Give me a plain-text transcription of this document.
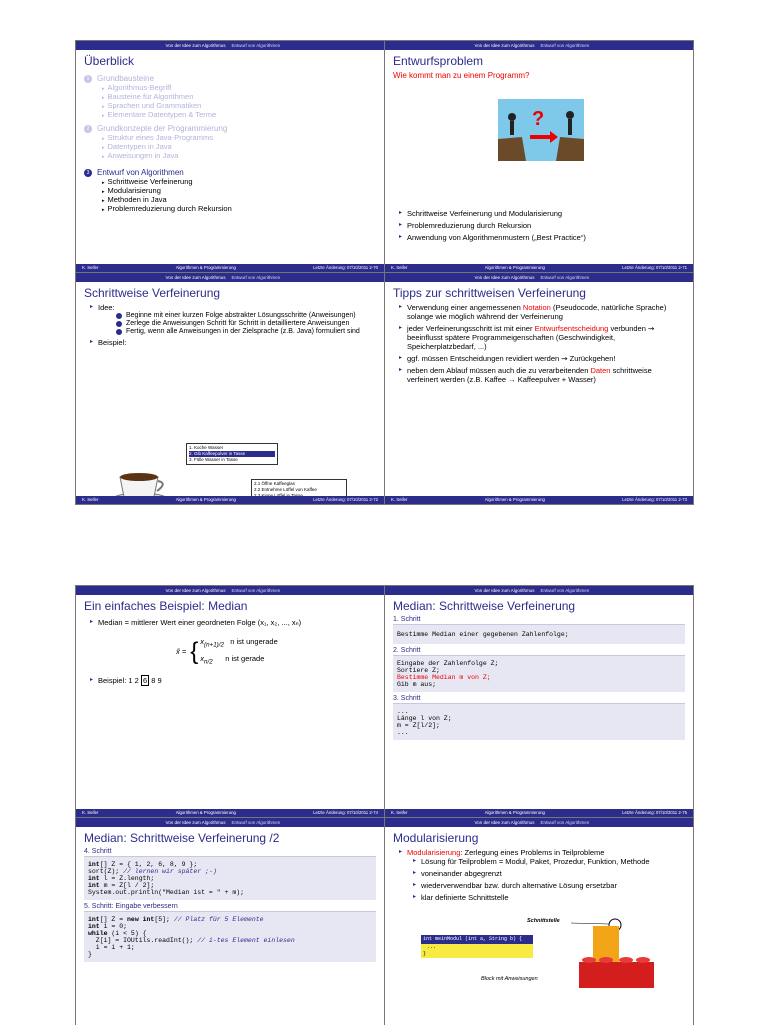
Von der Idee zum Algorithmus	Entwurf von Algorithmen
Überblick
1 Grundbausteine
▸ Algorithmus-Begriff
▸ Bausteine für Algorithmen
▸ Sprachen und Grammatiken
▸ Elementare Datentypen & Terme
2 Grundkonzepte der Programmierung
▸ Struktur eines Java-Programms
▸ Datentypen in Java
▸ Anweisungen in Java
3 Entwurf von Algorithmen
▸ Schrittweise Verfeinerung
▸ Modularisierung
▸ Methoden in Java
▸ Problemreduzierung durch Rekursion
K. Seifer	Algorithmen & Programmierung	Letzte Änderung: 07/10/2011 2-70
Von der Idee zum Algorithmus	Entwurf von Algorithmen
Entwurfsproblem
Wie kommt man zu einem Programm?
?
▸ Schrittweise Verfeinerung und Modularisierung
▸ Problemreduzierung durch Rekursion
▸ Anwendung von Algorithmenmustern („Best Practice“)
K. Seifer	Algorithmen & Programmierung	Letzte Änderung: 07/10/2011 2-71
Von der Idee zum Algorithmus	Entwurf von Algorithmen
Schrittweise Verfeinerung
▸ Idee:
Beginne mit einer kurzen Folge abstrakter Lösungsschritte (Anweisungen)
Zerlege die Anweisungen Schritt für Schritt in detailliertere Anweisungen
Fertig, wenn alle Anweisungen in der Zielsprache (z.B. Java) formuliert sind
▸ Beispiel:
1. Koche Wasser
2. Gib Kaffeepulver in Tasse
3. Fülle Wasser in Tasse
2.1 Öffne Kaffeeglas
2.2 Entnehme Löffel von Kaffee
K. Seifer	Algorithmen & Programmierung	Letzte Änderung: 07/10/2011 2-72
Von der Idee zum Algorithmus	Entwurf von Algorithmen
Tipps zur schrittweisen Verfeinerung
▸ Verwendung einer angemessenen Notation (Pseudocode, natürliche Sprache) solange wie möglich während der Verfeinerung
▸ jeder Verfeinerungsschritt ist mit einer Entwurfsentscheidung verbunden ⇝ beeinflusst spätere Programmeigenschaften (Geschwindigkeit, Speicherplatzbedarf, ...)
▸ ggf. müssen Entscheidungen revidiert werden ⇝ Zurückgehen!
▸ neben dem Ablauf müssen auch die zu verarbeitenden Daten schrittweise verfeinert werden (z.B. Kaffee → Kaffeepulver + Wasser)
K. Seifer	Algorithmen & Programmierung	Letzte Änderung: 07/10/2011 2-73
Von der Idee zum Algorithmus	Entwurf von Algorithmen
Ein einfaches Beispiel: Median
▸ Median = mittlerer Wert einer geordneten Folge (x₁, x₂, ..., xₙ)
x̃ = { $x_{(n+1)/2}$ n ist ungerade
$x_{n/2}$ n ist gerade
▸ Beispiel: 1 2 6 8 9
K. Seifer	Algorithmen & Programmierung	Letzte Änderung: 07/10/2011 2-74
Von der Idee zum Algorithmus	Entwurf von Algorithmen
Median: Schrittweise Verfeinerung
1. Schritt
Bestimme Median einer gegebenen Zahlenfolge;
2. Schritt
Eingabe der Zahlenfolge Z;
Sortiere Z;
Bestimme Median m von Z;
Gib m aus;
3. Schritt
...
Länge l von Z;
m = Z[l/2];
...
K. Seifer	Algorithmen & Programmierung	Letzte Änderung: 07/10/2011 2-75
Von der Idee zum Algorithmus	Entwurf von Algorithmen
Median: Schrittweise Verfeinerung /2
4. Schritt
int[] Z = { 1, 2, 6, 8, 9 };
sort(Z); // lernen wir später ;-)
int l = Z.length;
int m = Z[l / 2];
System.out.println("Median ist = " + m);
5. Schritt: Eingabe verbessern
int[] Z = new int[5]; // Platz für 5 Elemente
int i = 0;
while (i < 5) {
Z[i] = IOUtils.readInt(); // i-tes Element einlesen
i = i + 1;
}
Von der Idee zum Algorithmus	Entwurf von Algorithmen
Modularisierung
▸ Modularisierung: Zerlegung eines Problems in Teilprobleme
▸ Lösung für Teilproblem = Modul, Paket, Prozedur, Funktion, Methode
▸ voneinander abgegrenzt
▸ wiederverwendbar bzw. durch alternative Lösung ersetzbar
▸ klar definierte Schnittstelle
Schnittstelle
int meinModul (int a, String b) {
...
}
Block mit Anweisungen
